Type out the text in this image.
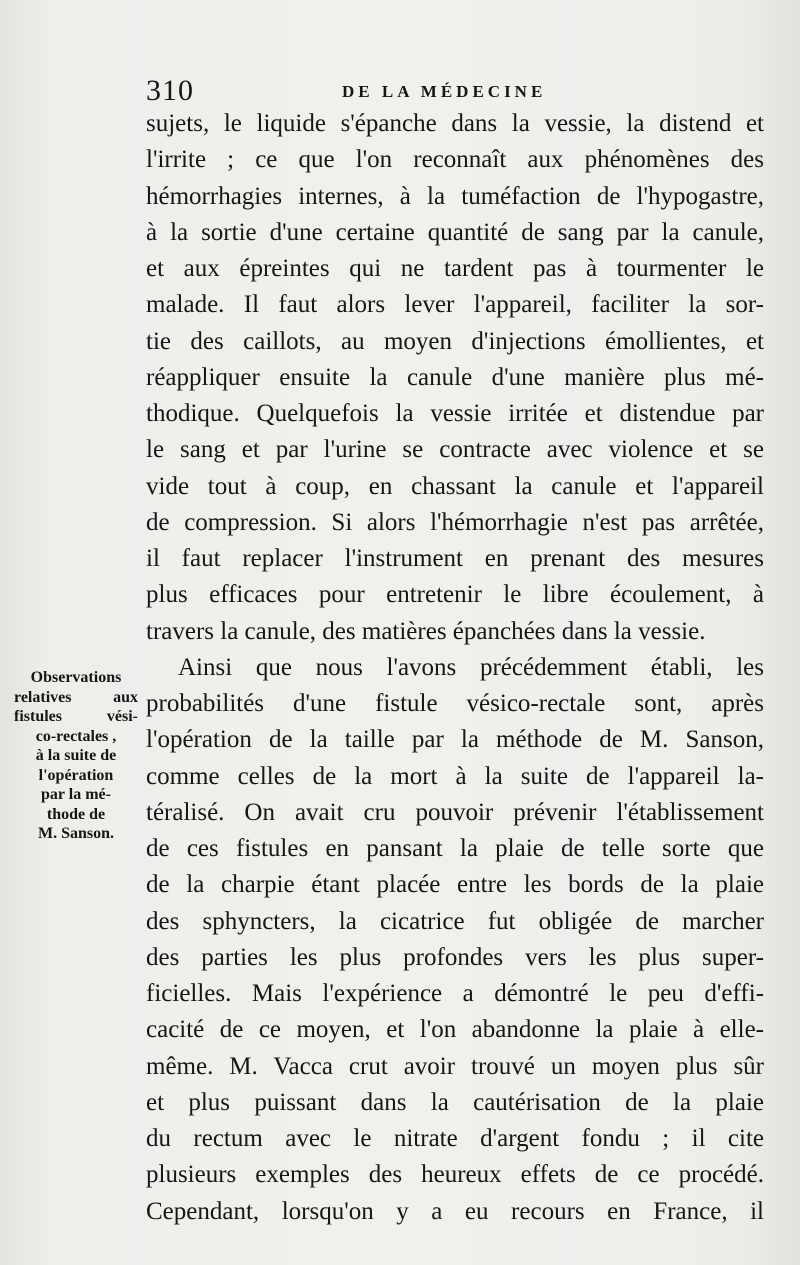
310	DE LA MÉDECINE
Observations
relatives aux
fistules vési-
co-rectales ,
à la suite de
l'opération
par la mé-
thode de
M. Sanson.
sujets, le liquide s'épanche dans la vessie, la distend et
l'irrite ; ce que l'on reconnaît aux phénomènes des
hémorrhagies internes, à la tuméfaction de l'hypogastre,
à la sortie d'une certaine quantité de sang par la canule,
et aux épreintes qui ne tardent pas à tourmenter le
malade. Il faut alors lever l'appareil, faciliter la sor-
tie des caillots, au moyen d'injections émollientes, et
réappliquer ensuite la canule d'une manière plus mé-
thodique. Quelquefois la vessie irritée et distendue par
le sang et par l'urine se contracte avec violence et se
vide tout à coup, en chassant la canule et l'appareil
de compression. Si alors l'hémorrhagie n'est pas arrêtée,
il faut replacer l'instrument en prenant des mesures
plus efficaces pour entretenir le libre écoulement, à
travers la canule, des matières épanchées dans la vessie.
Ainsi que nous l'avons précédemment établi, les
probabilités d'une fistule vésico-rectale sont, après
l'opération de la taille par la méthode de M. Sanson,
comme celles de la mort à la suite de l'appareil la-
téralisé. On avait cru pouvoir prévenir l'établissement
de ces fistules en pansant la plaie de telle sorte que
de la charpie étant placée entre les bords de la plaie
des sphyncters, la cicatrice fut obligée de marcher
des parties les plus profondes vers les plus super-
ficielles. Mais l'expérience a démontré le peu d'effi-
cacité de ce moyen, et l'on abandonne la plaie à elle-
même. M. Vacca crut avoir trouvé un moyen plus sûr
et plus puissant dans la cautérisation de la plaie
du rectum avec le nitrate d'argent fondu ; il cite
plusieurs exemples des heureux effets de ce procédé.
Cependant, lorsqu'on y a eu recours en France, il
